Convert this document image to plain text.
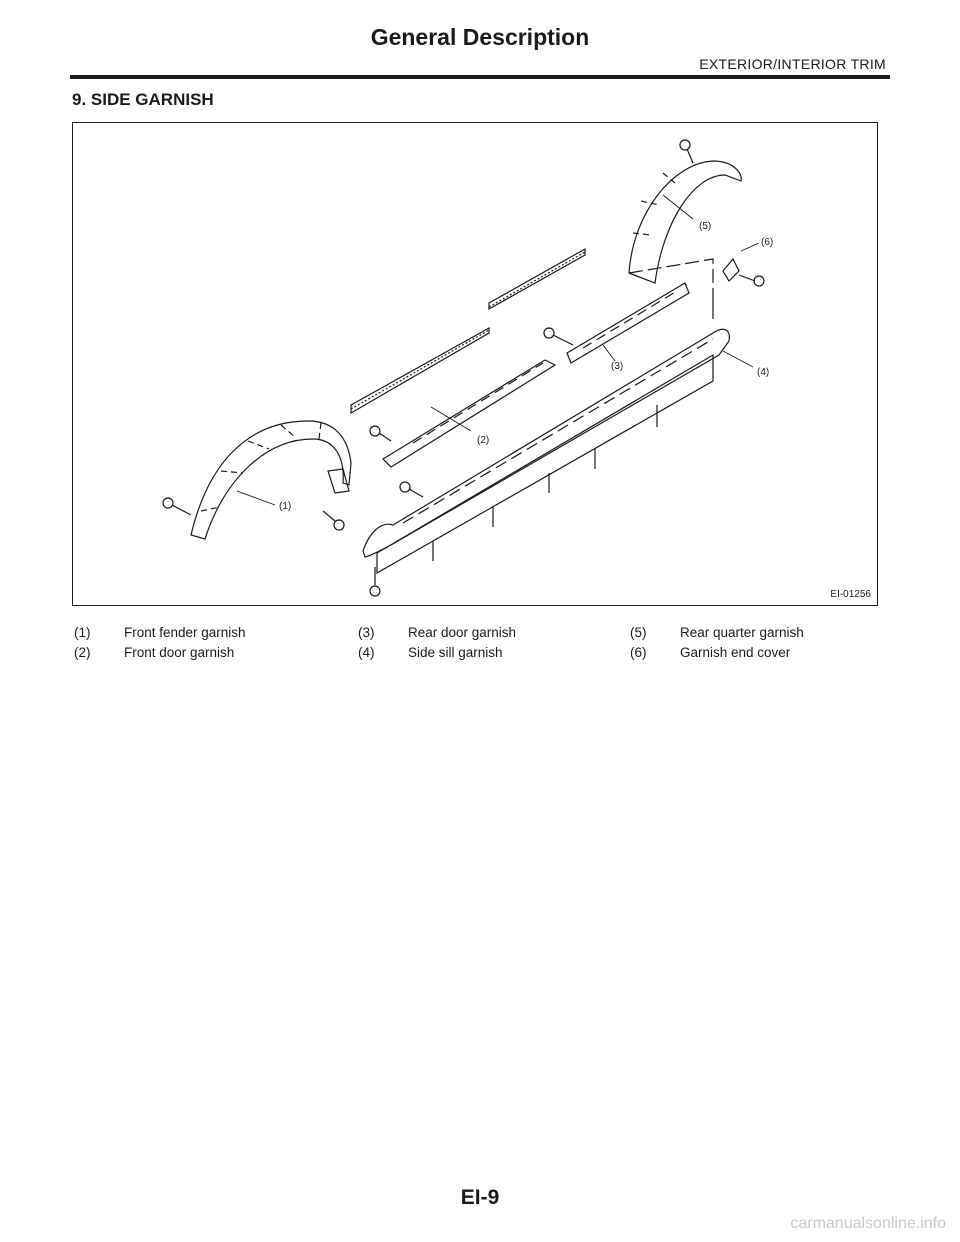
General Description
EXTERIOR/INTERIOR TRIM
9. SIDE GARNISH
(1)
(2)
(3)
(4)
(5)
(6)
EI-01256
(1) Front fender garnish
(2) Front door garnish
(3) Rear door garnish
(4) Side sill garnish
(5) Rear quarter garnish
(6) Garnish end cover
EI-9
carmanualsonline.info
